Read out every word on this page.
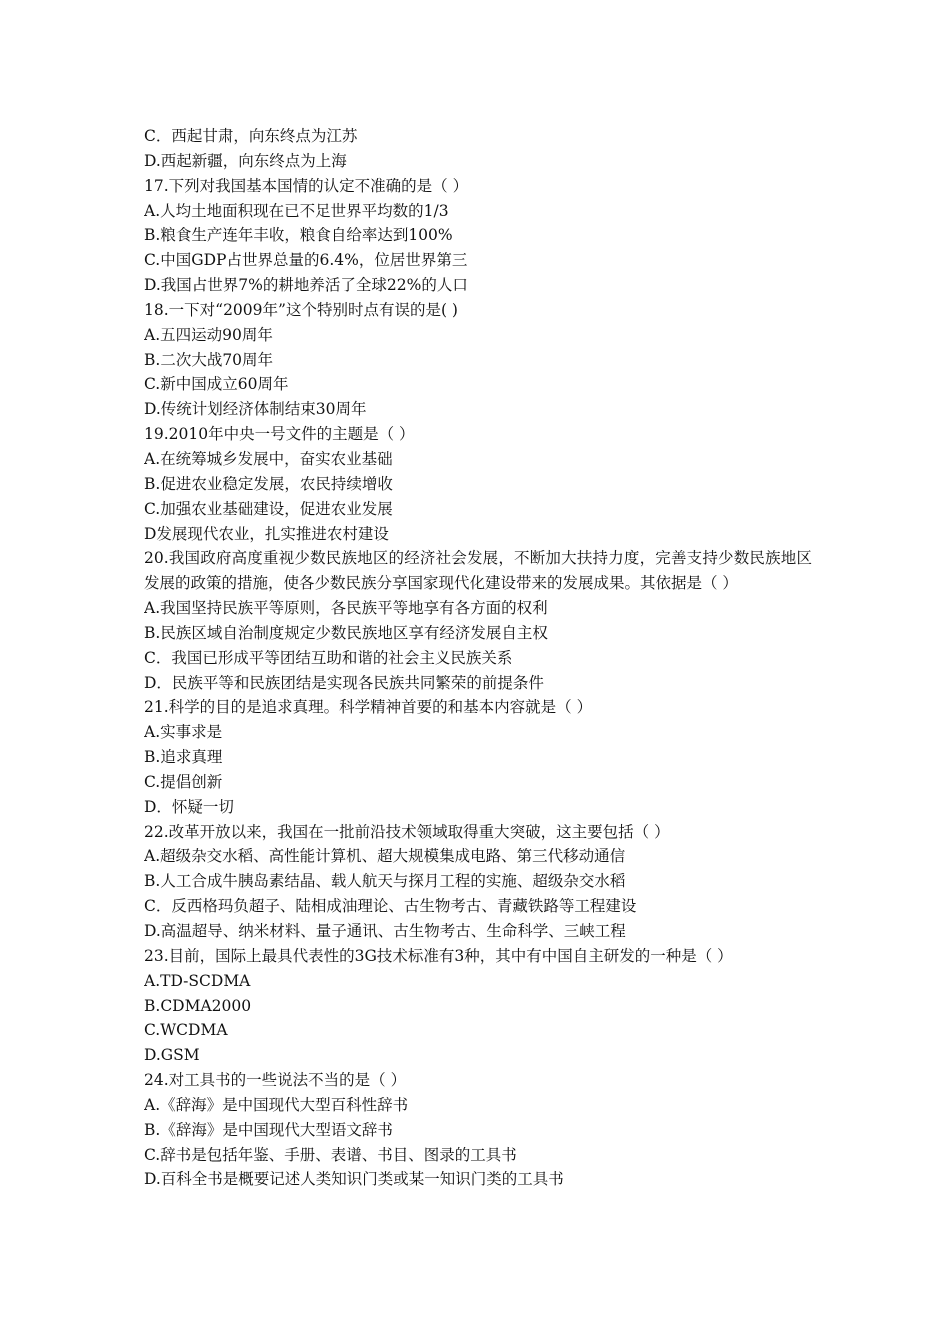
C．西起甘肃，向东终点为江苏
D.西起新疆，向东终点为上海
17.下列对我国基本国情的认定不准确的是（ ）
A.人均土地面积现在已不足世界平均数的1/3
B.粮食生产连年丰收，粮食自给率达到100%
C.中国GDP占世界总量的6.4%，位居世界第三
D.我国占世界7%的耕地养活了全球22%的人口
18.一下对“2009年”这个特别时点有误的是( )
A.五四运动90周年
B.二次大战70周年
C.新中国成立60周年
D.传统计划经济体制结束30周年
19.2010年中央一号文件的主题是（ ）
A.在统筹城乡发展中，奋实农业基础
B.促进农业稳定发展，农民持续增收
C.加强农业基础建设，促进农业发展
D发展现代农业，扎实推进农村建设
20.我国政府高度重视少数民族地区的经济社会发展，不断加大扶持力度，完善支持少数民族地区发展的政策的措施，使各少数民族分享国家现代化建设带来的发展成果。其依据是（ ）
A.我国坚持民族平等原则，各民族平等地享有各方面的权利
B.民族区域自治制度规定少数民族地区享有经济发展自主权
C．我国已形成平等团结互助和谐的社会主义民族关系
D．民族平等和民族团结是实现各民族共同繁荣的前提条件
21.科学的目的是追求真理。科学精神首要的和基本内容就是（ ）
A.实事求是
B.追求真理
C.提倡创新
D．怀疑一切
22.改革开放以来，我国在一批前沿技术领域取得重大突破，这主要包括（ ）
A.超级杂交水稻、高性能计算机、超大规模集成电路、第三代移动通信
B.人工合成牛胰岛素结晶、载人航天与探月工程的实施、超级杂交水稻
C．反西格玛负超子、陆相成油理论、古生物考古、青藏铁路等工程建设
D.高温超导、纳米材料、量子通讯、古生物考古、生命科学、三峡工程
23.目前，国际上最具代表性的3G技术标准有3种，其中有中国自主研发的一种是（ ）
A.TD-SCDMA
B.CDMA2000
C.WCDMA
D.GSM
24.对工具书的一些说法不当的是（ ）
A.《辞海》是中国现代大型百科性辞书
B.《辞海》是中国现代大型语文辞书
C.辞书是包括年鉴、手册、表谱、书目、图录的工具书
D.百科全书是概要记述人类知识门类或某一知识门类的工具书
